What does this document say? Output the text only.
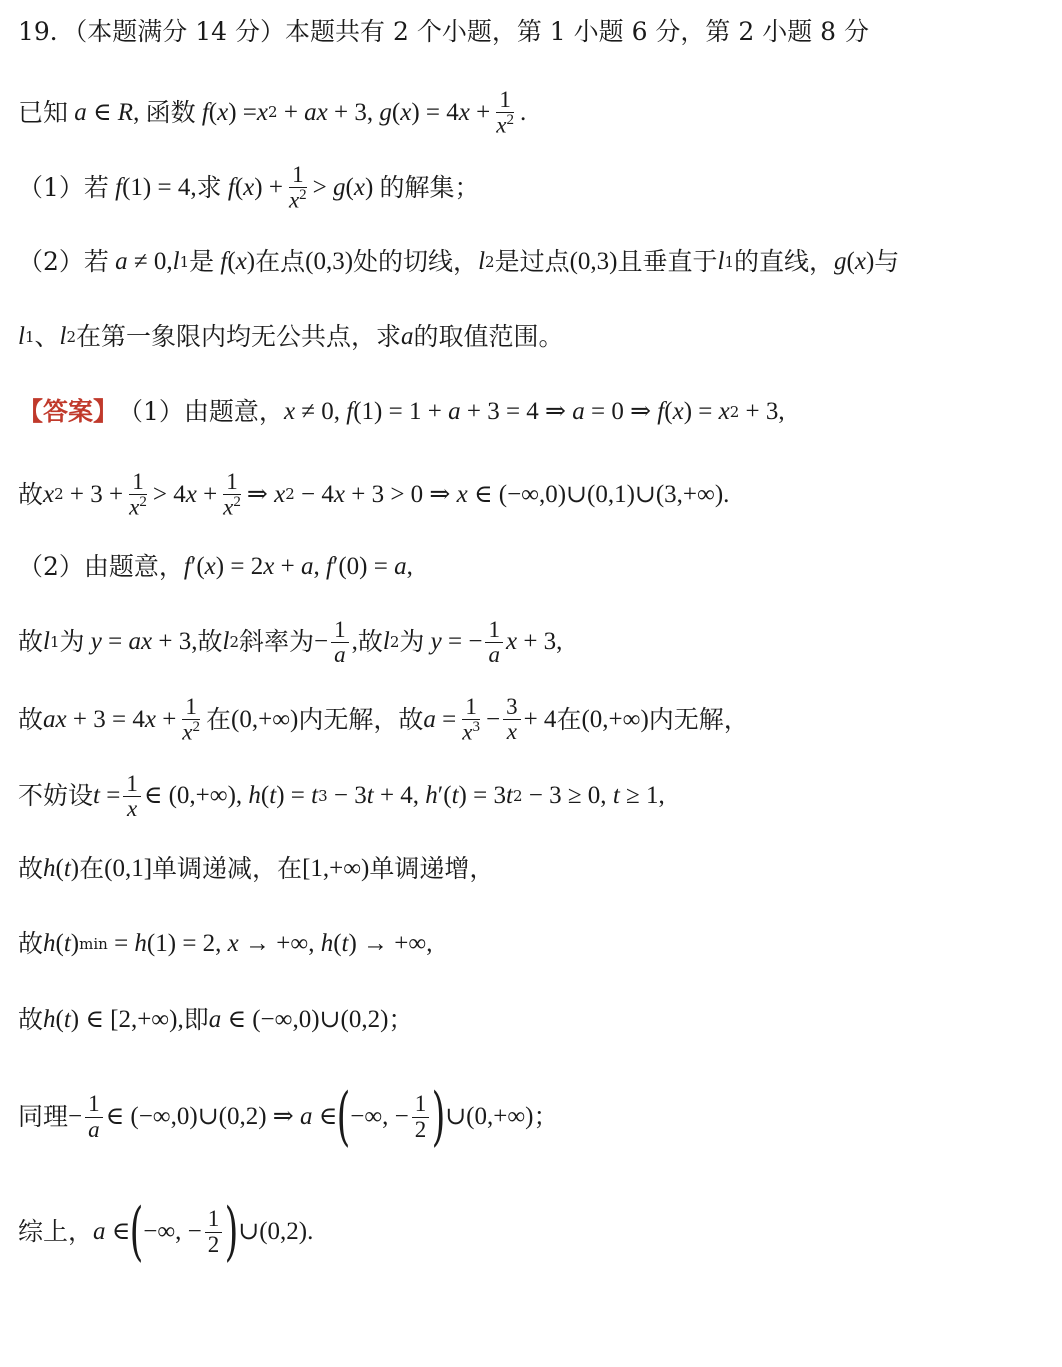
19．（本题满分 14 分）本题共有 2 个小题，第 1 小题 6 分，第 2 小题 8 分
已知 a ∈ R , 函数 f ( x ) = x 2 + ax + 3, g ( x ) = 4 $x + \frac{1}{x^2}$ .
（1）若 f (1) = 4, 求 f ( x ) + $\frac{1}{x^2} > g$ ( x ) 的解集；
（2）若 a ≠ 0, l 1 是 f ( x ) 在点 (0,3) 处的切线， l 2 是过点 (0,3) 且垂直于 l 1 的直线， g ( x ) 与
l 1 、 l 2 在第一象限内均无公共点，求 a 的取值范围。
【答案】 （1）由题意， x ≠ 0, f (1) = 1 + a + 3 = 4 ⇒ a = 0 ⇒ f ( x ) = x 2 + 3,
故 x $2 + 3 + \frac{1}{x^2} > 4$ $x + \frac{1}{x^2}$ ⇒ x 2 − 4 x + 3 > 0 ⇒ x ∈ (−∞,0)∪(0,1)∪(3,+∞).
（2）由题意， f ′( x ) = 2 x + a , f ′(0) = a ,
故 l 1 为 y = ax + 3, 故 l 2 斜率为 − $\frac{1}{a}$ , 故 l 2 为 y = − $\frac{1}{a}$ x + 3,
故 ax + 3 = 4 $x + \frac{1}{x^2}$ 在 (0,+∞) 内无解， 故 $a = \frac{1}{x^3} - \frac{3}{x} + 4$ 在 (0,+∞) 内无解，
不妨设 $t = \frac{1}{x}$ ∈ (0,+∞), h ( t ) = t 3 − 3 t + 4, h ′( t ) = 3 t 2 − 3 ≥ 0, t ≥ 1,
故 h ( t ) 在 (0,1] 单调递减，在 [1,+∞) 单调递增，
故 h ( t ) min = h (1) = 2, x → +∞, h ( t ) → +∞,
故 h ( t ) ∈ [2,+∞), 即 a ∈ (−∞,0)∪(0,2) ；
同理 − $\frac{1}{a}$ ∈ (−∞,0)∪(0,2) ⇒ a ∈ ( −∞, − $\frac{1}{2}$ ) ∪(0,+∞) ；
综上， a ∈ ( −∞, − $\frac{1}{2}$ ) ∪(0,2).
